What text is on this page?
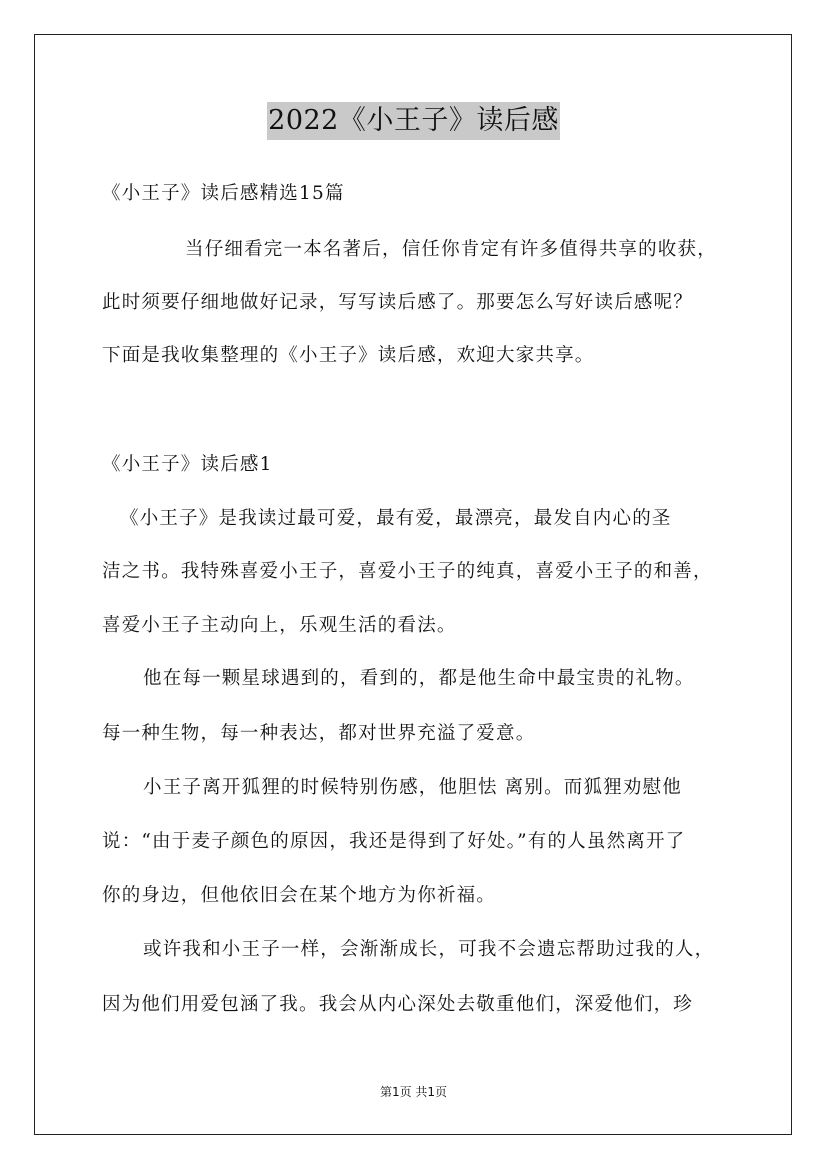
2022《小王子》读后感
《小王子》读后感精选15篇
当仔细看完一本名著后，信任你肯定有许多值得共享的收获，
此时须要仔细地做好记录，写写读后感了。那要怎么写好读后感呢？
下面是我收集整理的《小王子》读后感，欢迎大家共享。
《小王子》读后感1
《小王子》是我读过最可爱，最有爱，最漂亮，最发自内心的圣
洁之书。我特殊喜爱小王子，喜爱小王子的纯真，喜爱小王子的和善，
喜爱小王子主动向上，乐观生活的看法。
他在每一颗星球遇到的，看到的，都是他生命中最宝贵的礼物。
每一种生物，每一种表达，都对世界充溢了爱意。
小王子离开狐狸的时候特别伤感，他胆怯 离别。而狐狸劝慰他
说：“由于麦子颜色的原因，我还是得到了好处。”有的人虽然离开了
你的身边，但他依旧会在某个地方为你祈福。
或许我和小王子一样，会渐渐成长，可我不会遗忘帮助过我的人，
因为他们用爱包涵了我。我会从内心深处去敬重他们，深爱他们，珍
第1页 共1页
